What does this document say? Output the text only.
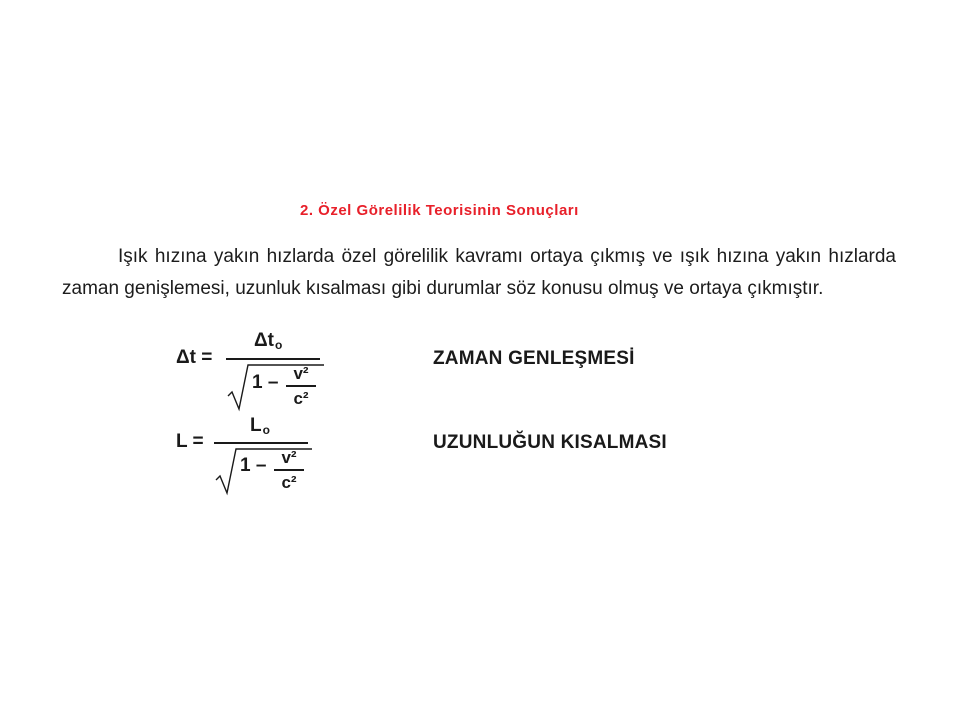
2. Özel Görelilik Teorisinin Sonuçları

Işık hızına yakın hızlarda özel görelilik kavramı ortaya çıkmış ve ışık hızına yakın hızlarda zaman genişlemesi, uzunluk kısalması gibi durumlar söz konusu olmuş ve ortaya çıkmıştır.

Δt =
$\Delta t_o$
1 – v²
c²
ZAMAN GENLEŞMESİ
L =
$L_o$
1 – v²
c²
UZUNLUĞUN KISALMASI
